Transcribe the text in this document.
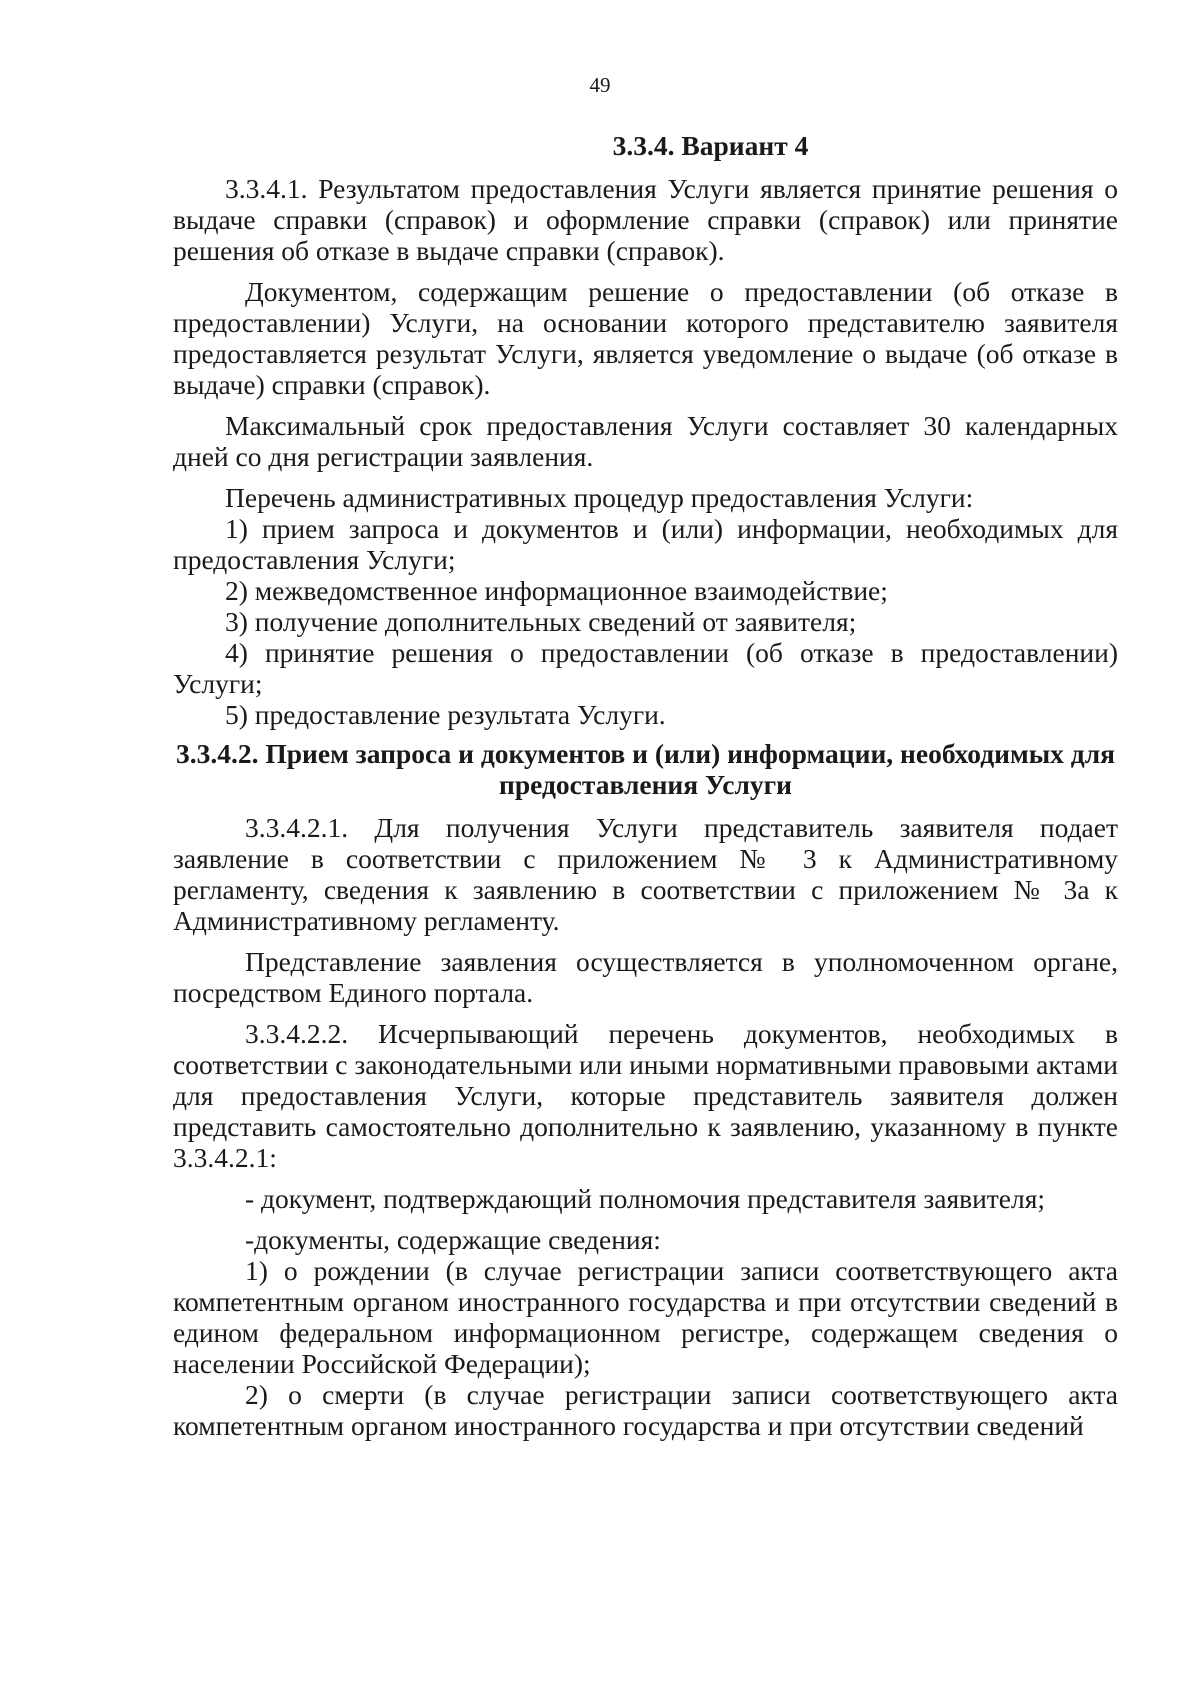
49
3.3.4. Вариант 4

3.3.4.1. Результатом предоставления Услуги является принятие решения о выдаче справки (справок) и оформление справки (справок) или принятие решения об отказе в выдаче справки (справок).

Документом, содержащим решение о предоставлении (об отказе в предоставлении) Услуги, на основании которого представителю заявителя предоставляется результат Услуги, является уведомление о выдаче (об отказе в выдаче) справки (справок).

Максимальный срок предоставления Услуги составляет 30 календарных дней со дня регистрации заявления.

Перечень административных процедур предоставления Услуги:

1) прием запроса и документов и (или) информации, необходимых для предоставления Услуги;

2) межведомственное информационное взаимодействие;

3) получение дополнительных сведений от заявителя;

4) принятие решения о предоставлении (об отказе в предоставлении) Услуги;

5) предоставление результата Услуги.

3.3.4.2. Прием запроса и документов и (или) информации, необходимых для предоставления Услуги

3.3.4.2.1. Для получения Услуги представитель заявителя подает заявление в соответствии с приложением № 3 к Административному регламенту, сведения к заявлению в соответствии с приложением № 3а к Административному регламенту.

Представление заявления осуществляется в уполномоченном органе, посредством Единого портала.

3.3.4.2.2. Исчерпывающий перечень документов, необходимых в соответствии с законодательными или иными нормативными правовыми актами для предоставления Услуги, которые представитель заявителя должен представить самостоятельно дополнительно к заявлению, указанному в пункте 3.3.4.2.1:

- документ, подтверждающий полномочия представителя заявителя;

-документы, содержащие сведения:

1) о рождении (в случае регистрации записи соответствующего акта компетентным органом иностранного государства и при отсутствии сведений в едином федеральном информационном регистре, содержащем сведения о населении Российской Федерации);

2) о смерти (в случае регистрации записи соответствующего акта компетентным органом иностранного государства и при отсутствии сведений
